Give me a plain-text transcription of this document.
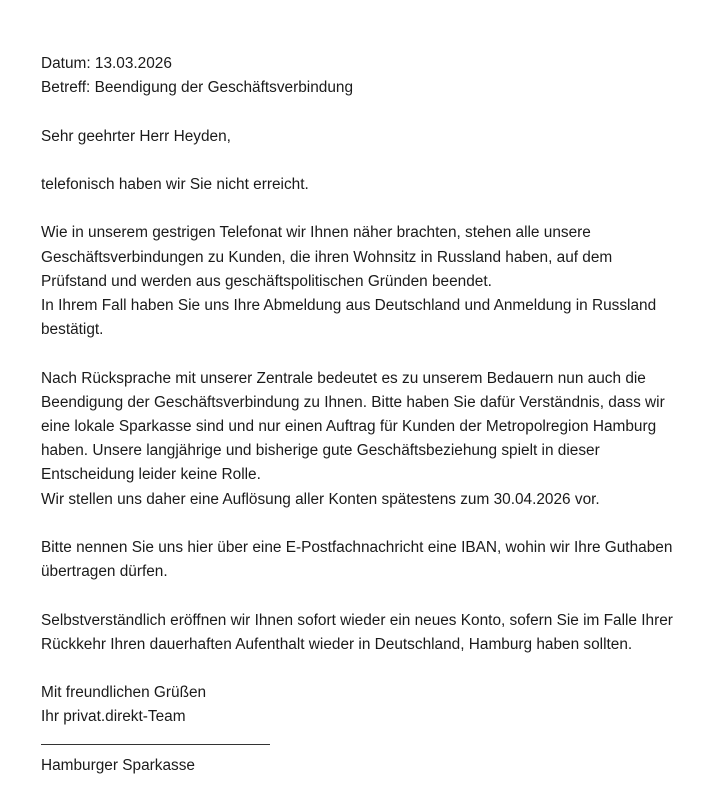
Datum: 13.03.2026
Betreff: Beendigung der Geschäftsverbindung
Sehr geehrter Herr Heyden,
telefonisch haben wir Sie nicht erreicht.
Wie in unserem gestrigen Telefonat wir Ihnen näher brachten, stehen alle unsere
Geschäftsverbindungen zu Kunden, die ihren Wohnsitz in Russland haben, auf dem
Prüfstand und werden aus geschäftspolitischen Gründen beendet.
In Ihrem Fall haben Sie uns Ihre Abmeldung aus Deutschland und Anmeldung in Russland
bestätigt.
Nach Rücksprache mit unserer Zentrale bedeutet es zu unserem Bedauern nun auch die
Beendigung der Geschäftsverbindung zu Ihnen. Bitte haben Sie dafür Verständnis, dass wir
eine lokale Sparkasse sind und nur einen Auftrag für Kunden der Metropolregion Hamburg
haben. Unsere langjährige und bisherige gute Geschäftsbeziehung spielt in dieser
Entscheidung leider keine Rolle.
Wir stellen uns daher eine Auflösung aller Konten spätestens zum 30.04.2026 vor.
Bitte nennen Sie uns hier über eine E-Postfachnachricht eine IBAN, wohin wir Ihre Guthaben
übertragen dürfen.
Selbstverständlich eröffnen wir Ihnen sofort wieder ein neues Konto, sofern Sie im Falle Ihrer
Rückkehr Ihren dauerhaften Aufenthalt wieder in Deutschland, Hamburg haben sollten.
Mit freundlichen Grüßen
Ihr privat.direkt-Team
Hamburger Sparkasse
